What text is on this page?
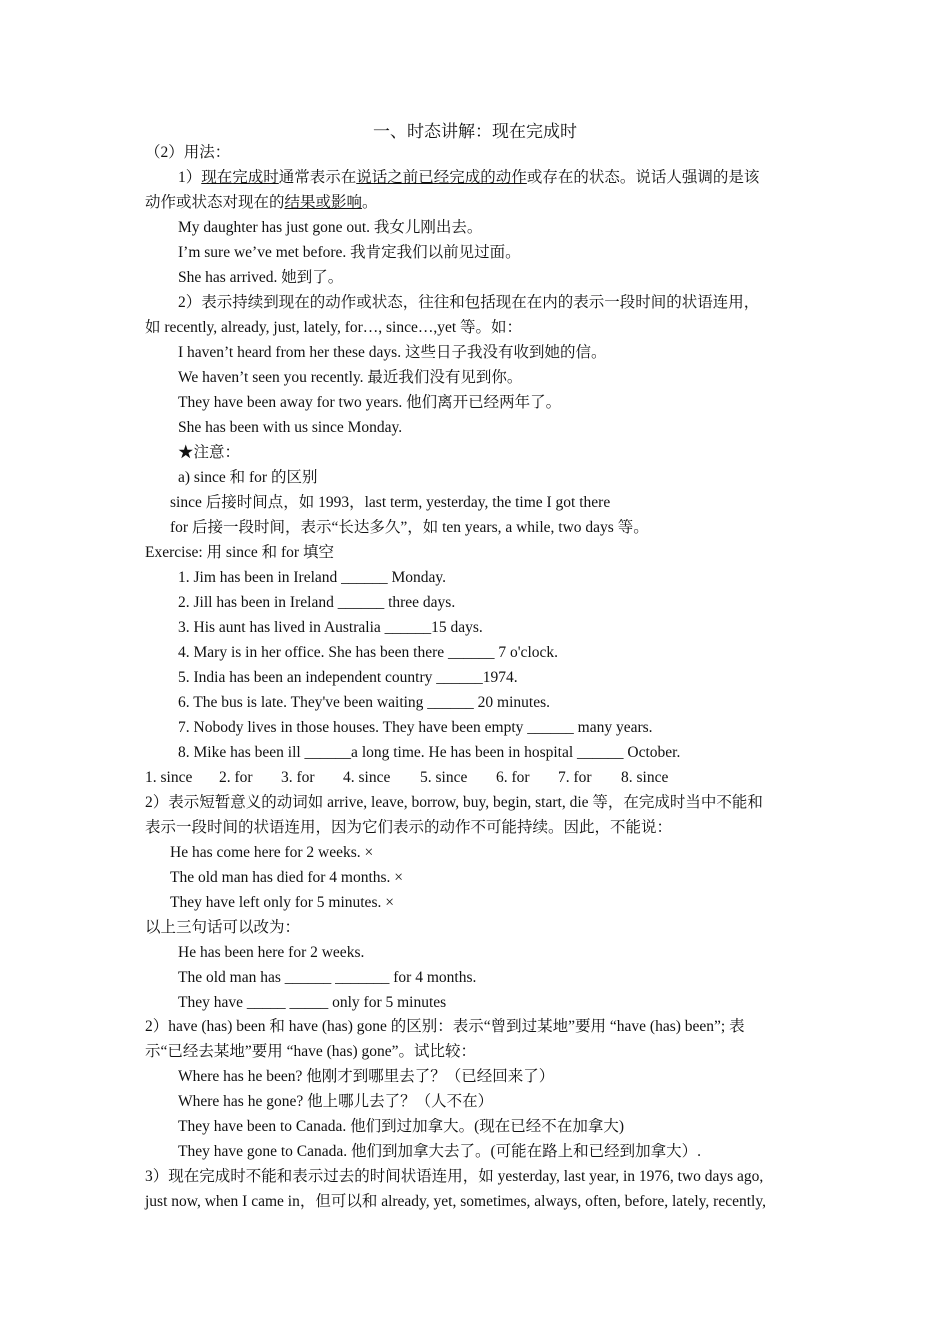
一、时态讲解：现在完成时
（2）用法：
1）现在完成时通常表示在说话之前已经完成的动作或存在的状态。说话人强调的是该
动作或状态对现在的结果或影响。
My daughter has just gone out. 我女儿刚出去。
I’m sure we’ve met before. 我肯定我们以前见过面。
She has arrived. 她到了。
2）表示持续到现在的动作或状态，往往和包括现在在内的表示一段时间的状语连用，
如 recently, already, just, lately, for…, since…,yet 等。如：
I haven’t heard from her these days. 这些日子我没有收到她的信。
We haven’t seen you recently. 最近我们没有见到你。
They have been away for two years. 他们离开已经两年了。
She has been with us since Monday.
★注意：
a) since 和 for 的区别
since 后接时间点，如 1993，last term, yesterday, the time I got there
for 后接一段时间，表示“长达多久”，如 ten years, a while, two days 等。
Exercise: 用 since 和 for 填空
1. Jim has been in Ireland ______ Monday.
2. Jill has been in Ireland ______ three days.
3. His aunt has lived in Australia ______15 days.
4. Mary is in her office. She has been there ______ 7 o'clock.
5. India has been an independent country ______1974.
6. The bus is late. They've been waiting ______ 20 minutes.
7. Nobody lives in those houses. They have been empty ______ many years.
8. Mike has been ill ______a long time. He has been in hospital ______ October.
1. since 2. for 3. for 4. since 5. since 6. for 7. for 8. since
2）表示短暂意义的动词如 arrive, leave, borrow, buy, begin, start, die 等，在完成时当中不能和
表示一段时间的状语连用，因为它们表示的动作不可能持续。因此，不能说：
He has come here for 2 weeks. ×
The old man has died for 4 months. ×
They have left only for 5 minutes. ×
以上三句话可以改为：
He has been here for 2 weeks.
The old man has ______ _______ for 4 months.
They have _____ _____ only for 5 minutes
2）have (has) been 和 have (has) gone 的区别：表示“曾到过某地”要用 “have (has) been”; 表
示“已经去某地”要用 “have (has) gone”。试比较：
Where has he been? 他刚才到哪里去了？（已经回来了）
Where has he gone? 他上哪儿去了？（人不在）
They have been to Canada. 他们到过加拿大。(现在已经不在加拿大)
They have gone to Canada. 他们到加拿大去了。(可能在路上和已经到加拿大）.
3）现在完成时不能和表示过去的时间状语连用，如 yesterday, last year, in 1976, two days ago,
just now, when I came in，但可以和 already, yet, sometimes, always, often, before, lately, recently,
